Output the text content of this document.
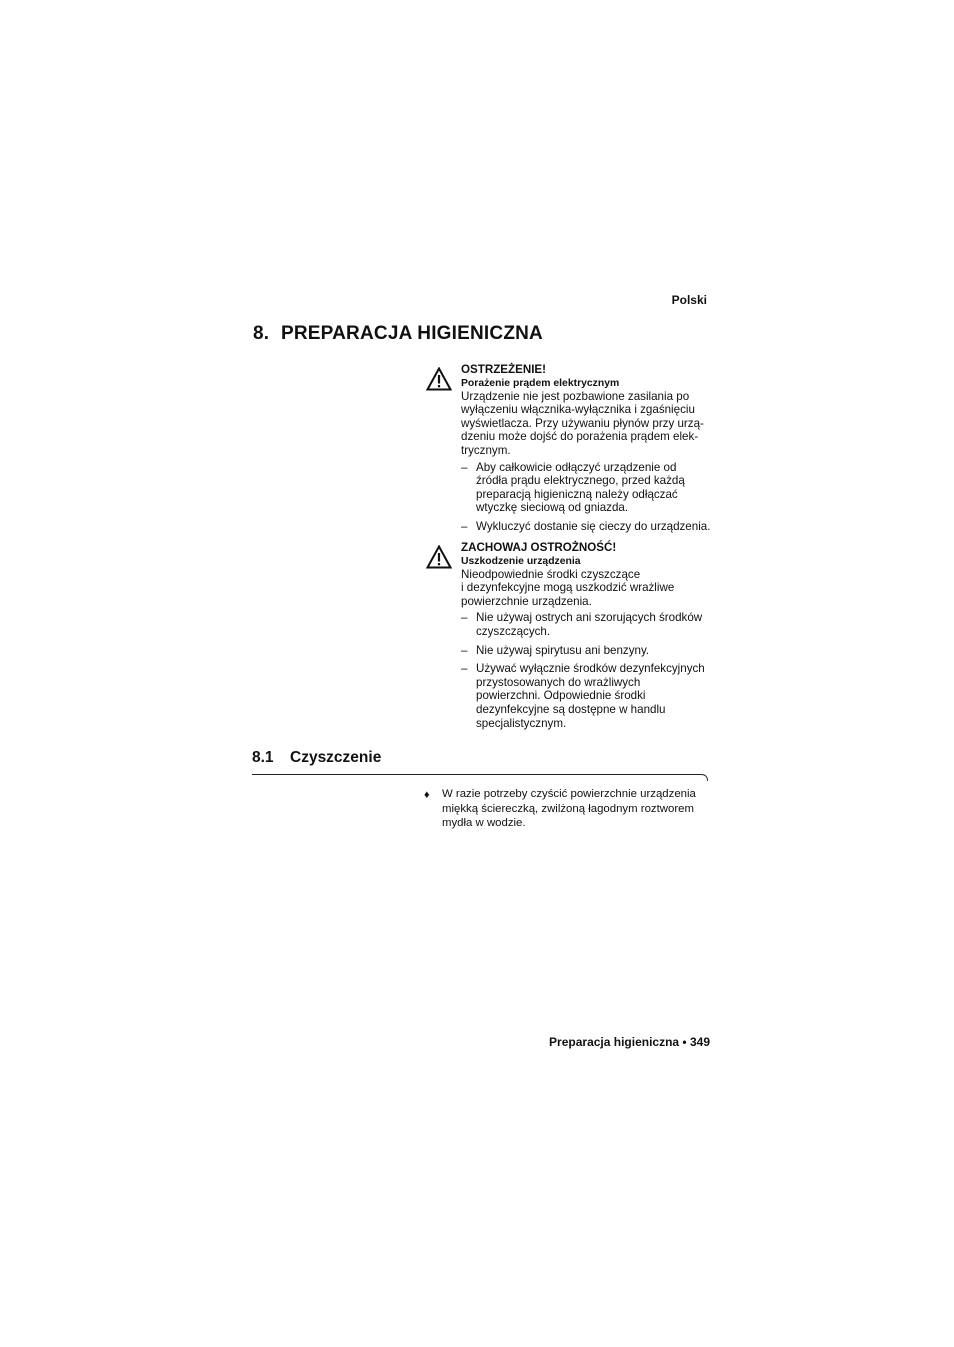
Polski
8. PREPARACJA HIGIENICZNA
OSTRZEŻENIE!
Porażenie prądem elektrycznym
Urządzenie nie jest pozbawione zasilania po
wyłączeniu włącznika-wyłącznika i zgaśnięciu
wyświetlacza. Przy używaniu płynów przy urzą-
dzeniu może dojść do porażenia prądem elek-
trycznym.
– Aby całkowicie odłączyć urządzenie od
źródła prądu elektrycznego, przed każdą
preparacją higieniczną należy odłączać
wtyczkę sieciową od gniazda.
– Wykluczyć dostanie się cieczy do urządzenia.
ZACHOWAJ OSTROŻNOŚĆ!
Uszkodzenie urządzenia
Nieodpowiednie środki czyszczące
i dezynfekcyjne mogą uszkodzić wrażliwe
powierzchnie urządzenia.
– Nie używaj ostrych ani szorujących środków
czyszczących.
– Nie używaj spirytusu ani benzyny.
– Używać wyłącznie środków dezynfekcyjnych
przystosowanych do wrażliwych
powierzchni. Odpowiednie środki
dezynfekcyjne są dostępne w handlu
specjalistycznym.
8.1 Czyszczenie
♦ W razie potrzeby czyścić powierzchnie urządzenia
miękką ściereczką, zwilżoną łagodnym roztworem
mydła w wodzie.
Preparacja higieniczna • 349
